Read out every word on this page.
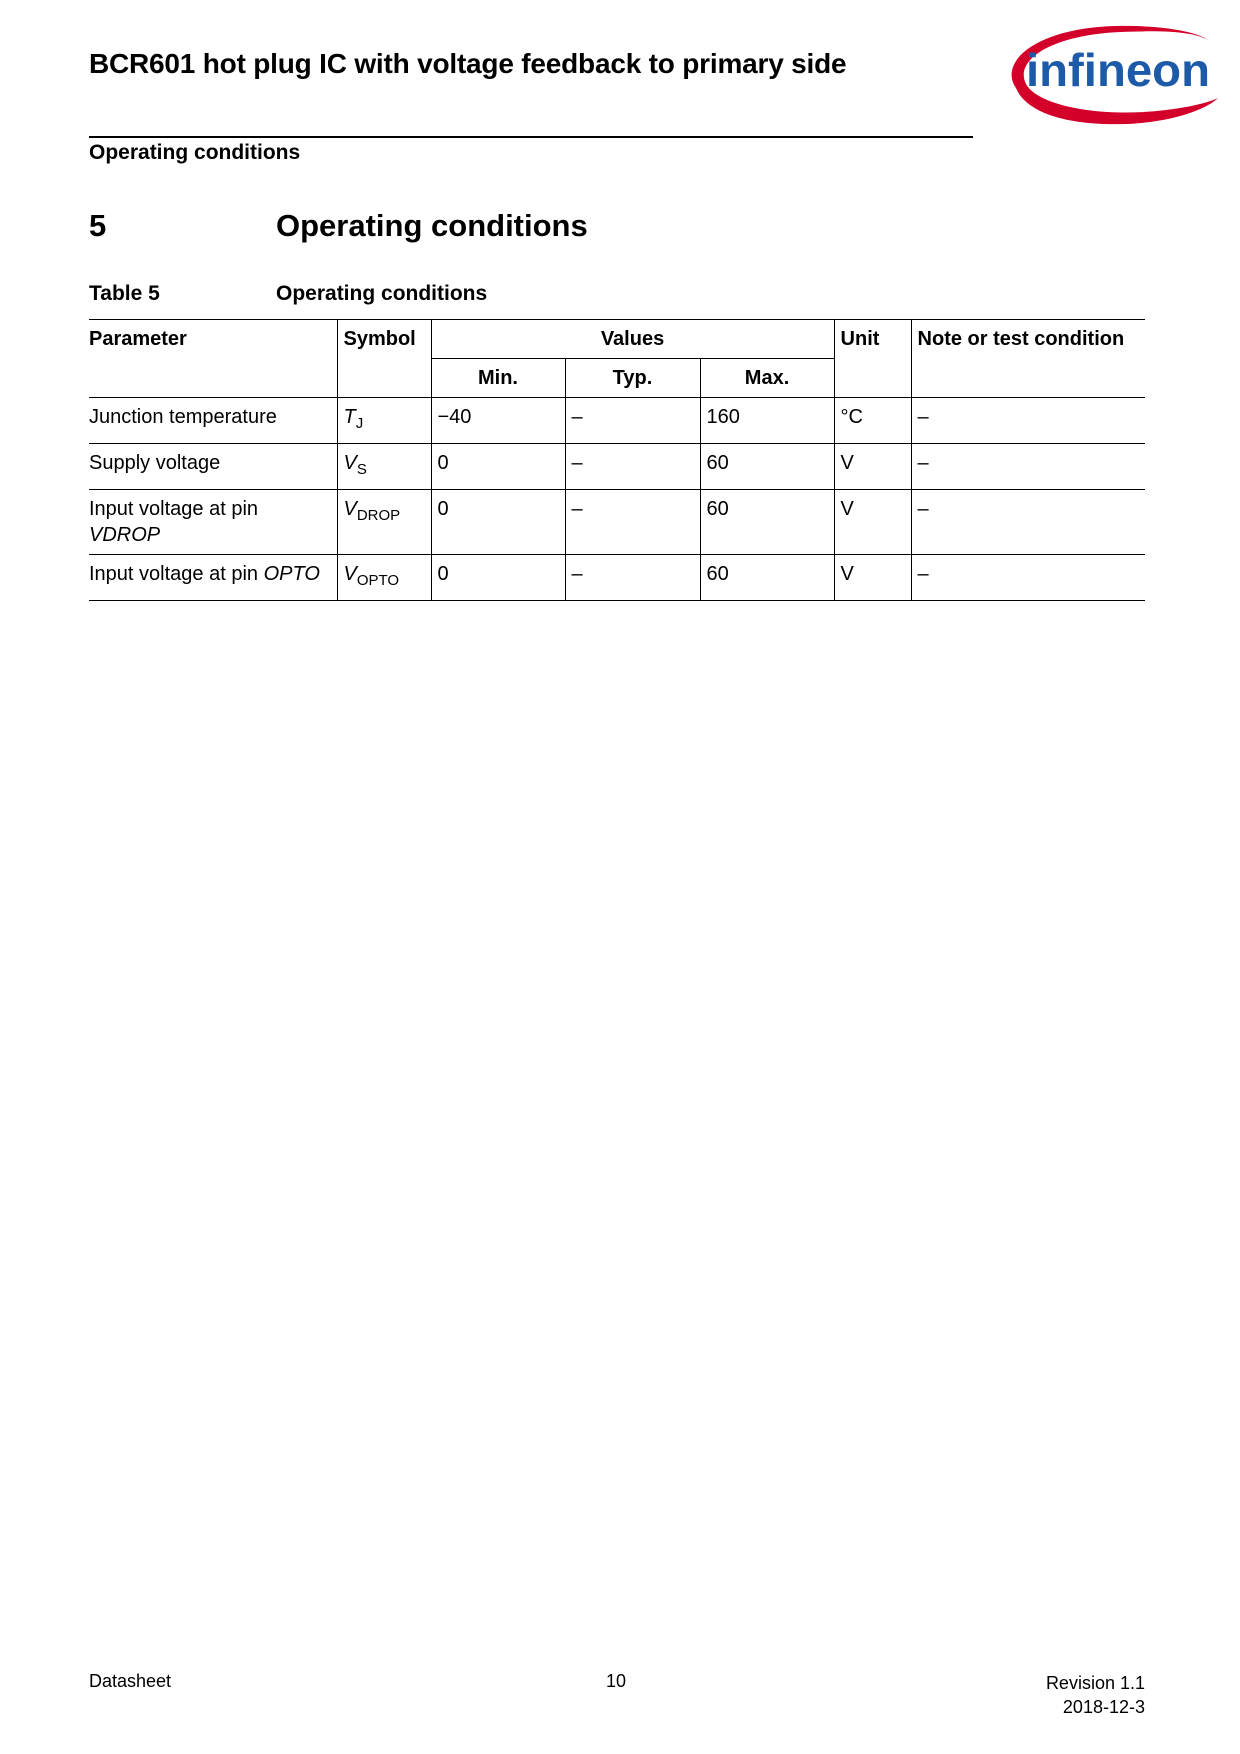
BCR601 hot plug IC with voltage feedback to primary side	infineon
Operating conditions
5	Operating conditions
Table 5	Operating conditions
Parameter	Symbol	Values			Unit	Note or test condition
		Min.	Typ.	Max.		
Junction temperature	$T_J$	−40	–	160	°C	–
Supply voltage	$V_S$	0	–	60	V	–
Input voltage at pin VDROP	$V_{DROP}$	0	–	60	V	–
Input voltage at pin OPTO	$V_{OPTO}$	0	–	60	V	–
Datasheet	10	Revision 1.1
2018-12-3
